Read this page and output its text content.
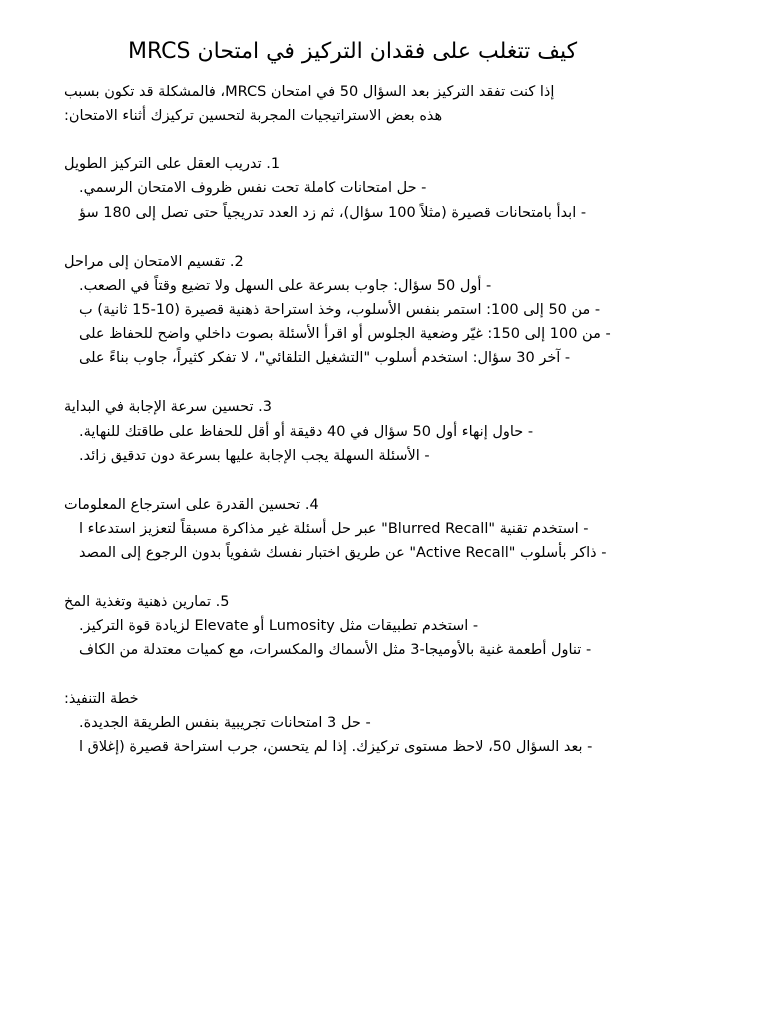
كيف تتغلب على فقدان التركيز في امتحان MRCS
إذا كنت تفقد التركيز بعد السؤال 50 في امتحان MRCS، فالمشكلة قد تكون بسبب
هذه بعض الاستراتيجيات المجربة لتحسين تركيزك أثناء الامتحان:
1. تدريب العقل على التركيز الطويل
- حل امتحانات كاملة تحت نفس ظروف الامتحان الرسمي.
- ابدأ بامتحانات قصيرة (مثلاً 100 سؤال)، ثم زد العدد تدريجياً حتى تصل إلى 180 سؤ
2. تقسيم الامتحان إلى مراحل
- أول 50 سؤال: جاوب بسرعة على السهل ولا تضيع وقتاً في الصعب.
- من 50 إلى 100: استمر بنفس الأسلوب، وخذ استراحة ذهنية قصيرة (10-15 ثانية) ب
- من 100 إلى 150: غيّر وضعية الجلوس أو اقرأ الأسئلة بصوت داخلي واضح للحفاظ على
- آخر 30 سؤال: استخدم أسلوب "التشغيل التلقائي"، لا تفكر كثيراً، جاوب بناءً على
3. تحسين سرعة الإجابة في البداية
- حاول إنهاء أول 50 سؤال في 40 دقيقة أو أقل للحفاظ على طاقتك للنهاية.
- الأسئلة السهلة يجب الإجابة عليها بسرعة دون تدقيق زائد.
4. تحسين القدرة على استرجاع المعلومات
- استخدم تقنية "Blurred Recall" عبر حل أسئلة غير مذاكرة مسبقاً لتعزيز استدعاء ا
- ذاكر بأسلوب "Active Recall" عن طريق اختبار نفسك شفوياً بدون الرجوع إلى المصد
5. تمارين ذهنية وتغذية المخ
- استخدم تطبيقات مثل Lumosity أو Elevate لزيادة قوة التركيز.
- تناول أطعمة غنية بالأوميجا-3 مثل الأسماك والمكسرات، مع كميات معتدلة من الكاف
خطة التنفيذ:
- حل 3 امتحانات تجريبية بنفس الطريقة الجديدة.
- بعد السؤال 50، لاحظ مستوى تركيزك. إذا لم يتحسن، جرب استراحة قصيرة (إغلاق ا
